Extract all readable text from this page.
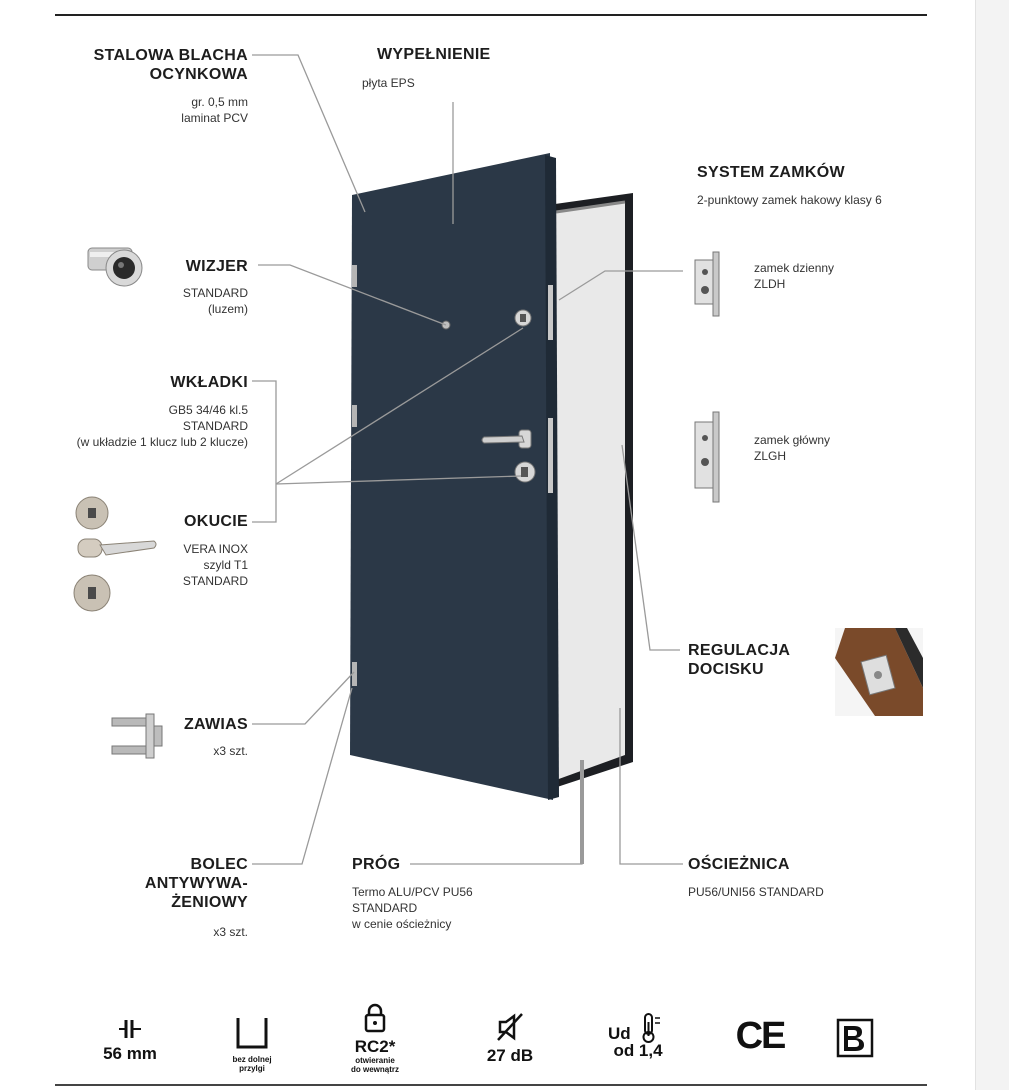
STALOWA BLACHA
OCYNKOWA
gr. 0,5 mm
laminat PCV
WIZJER
STANDARD
(luzem)
WKŁADKI
GB5 34/46 kl.5
STANDARD
(w układzie 1 klucz lub 2 klucze)
OKUCIE
VERA INOX
szyld T1
STANDARD
ZAWIAS
x3 szt.
BOLEC
ANTYWYWA-
ŻENIOWY
x3 szt.
WYPEŁNIENIE
płyta EPS
PRÓG
Termo ALU/PCV PU56
STANDARD
w cenie ościeżnicy
SYSTEM ZAMKÓW
2-punktowy zamek hakowy klasy 6
zamek dzienny
ZLDH
zamek główny
ZLGH
REGULACJA
DOCISKU
OŚCIEŻNICA
PU56/UNI56 STANDARD
56 mm	bez dolnej
przylgi
RC2*
otwieranie
do wewnątrz
27 dB
Ud
od 1,4	CE
